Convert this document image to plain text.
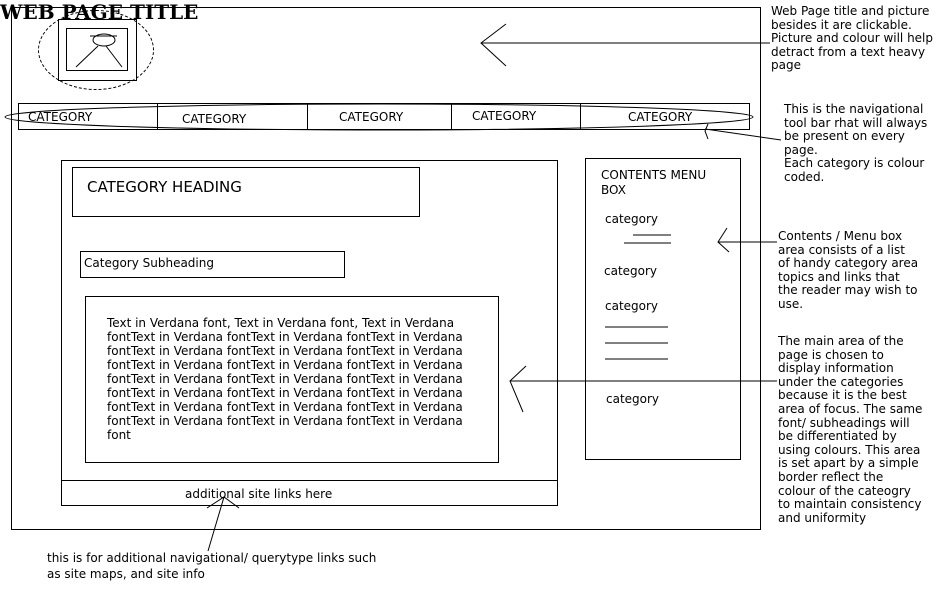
WEB PAGE TITLE
CATEGORY	CATEGORY	CATEGORY	CATEGORY	CATEGORY
CATEGORY HEADING
Category Subheading
Text in Verdana font, Text in Verdana font, Text in Verdana fontText in Verdana fontText in Verdana fontText in Verdana fontText in Verdana fontText in Verdana fontText in Verdana fontText in Verdana fontText in Verdana fontText in Verdana fontText in Verdana fontText in Verdana fontText in Verdana fontText in Verdana fontText in Verdana fontText in Verdana fontText in Verdana fontText in Verdana fontText in Verdana fontText in Verdana fontText in Verdana fontText in Verdana font
additional site links here
CONTENTS MENU
BOX
category
category
category
category
Web Page title and picture
besides it are clickable.
Picture and colour will help
detract from a text heavy
page
This is the navigational
tool bar rhat will always
be present on every
page.
Each category is colour
coded.
Contents / Menu box
area consists of a list
of handy category area
topics and links that
the reader may wish to
use.
The main area of the
page is chosen to
display information
under the categories
because it is the best
area of focus. The same
font/ subheadings will
be differentiated by
using colours. This area
is set apart by a simple
border reflect the
colour of the cateogry
to maintain consistency
and uniformity
this is for additional navigational/ querytype links such
as site maps, and site info
